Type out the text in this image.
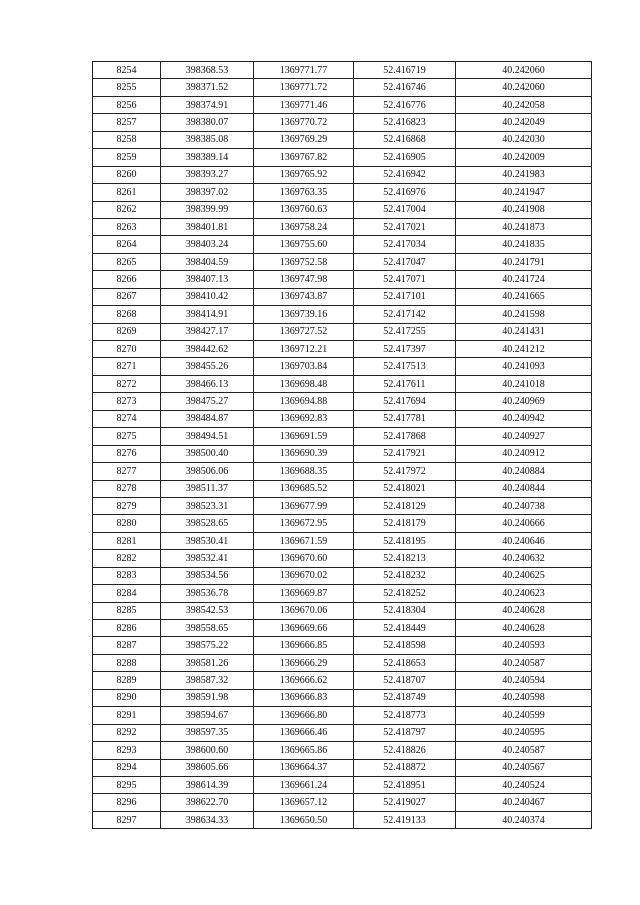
8254	398368.53	1369771.77	52.416719	40.242060
8255	398371.52	1369771.72	52.416746	40.242060
8256	398374.91	1369771.46	52.416776	40.242058
8257	398380.07	1369770.72	52.416823	40.242049
8258	398385.08	1369769.29	52.416868	40.242030
8259	398389.14	1369767.82	52.416905	40.242009
8260	398393.27	1369765.92	52.416942	40.241983
8261	398397.02	1369763.35	52.416976	40.241947
8262	398399.99	1369760.63	52.417004	40.241908
8263	398401.81	1369758.24	52.417021	40.241873
8264	398403.24	1369755.60	52.417034	40.241835
8265	398404.59	1369752.58	52.417047	40.241791
8266	398407.13	1369747.98	52.417071	40.241724
8267	398410.42	1369743.87	52.417101	40.241665
8268	398414.91	1369739.16	52.417142	40.241598
8269	398427.17	1369727.52	52.417255	40.241431
8270	398442.62	1369712.21	52.417397	40.241212
8271	398455.26	1369703.84	52.417513	40.241093
8272	398466.13	1369698.48	52.417611	40.241018
8273	398475.27	1369694.88	52.417694	40.240969
8274	398484.87	1369692.83	52.417781	40.240942
8275	398494.51	1369691.59	52.417868	40.240927
8276	398500.40	1369690.39	52.417921	40.240912
8277	398506.06	1369688.35	52.417972	40.240884
8278	398511.37	1369685.52	52.418021	40.240844
8279	398523.31	1369677.99	52.418129	40.240738
8280	398528.65	1369672.95	52.418179	40.240666
8281	398530.41	1369671.59	52.418195	40.240646
8282	398532.41	1369670.60	52.418213	40.240632
8283	398534.56	1369670.02	52.418232	40.240625
8284	398536.78	1369669.87	52.418252	40.240623
8285	398542.53	1369670.06	52.418304	40.240628
8286	398558.65	1369669.66	52.418449	40.240628
8287	398575.22	1369666.85	52.418598	40.240593
8288	398581.26	1369666.29	52.418653	40.240587
8289	398587.32	1369666.62	52.418707	40.240594
8290	398591.98	1369666.83	52.418749	40.240598
8291	398594.67	1369666.80	52.418773	40.240599
8292	398597.35	1369666.46	52.418797	40.240595
8293	398600.60	1369665.86	52.418826	40.240587
8294	398605.66	1369664.37	52.418872	40.240567
8295	398614.39	1369661.24	52.418951	40.240524
8296	398622.70	1369657.12	52.419027	40.240467
8297	398634.33	1369650.50	52.419133	40.240374
